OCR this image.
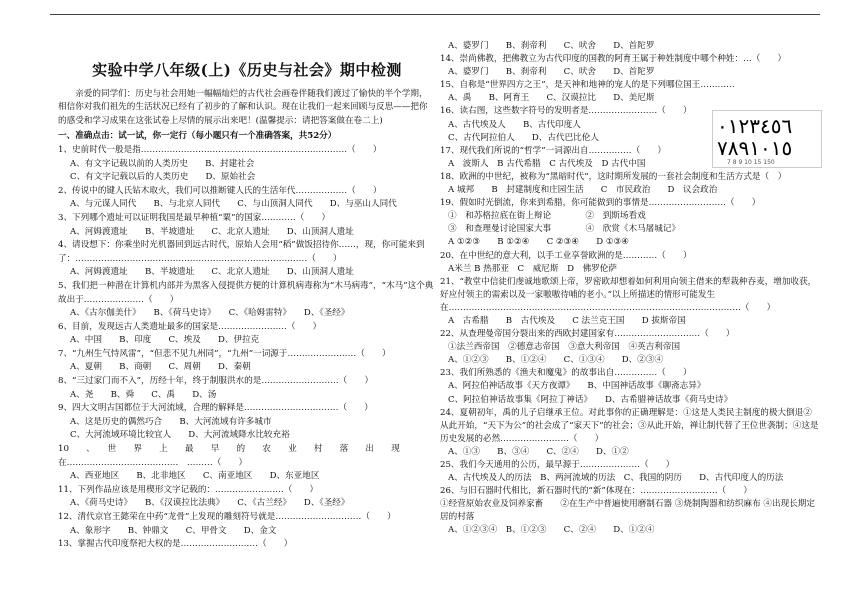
实验中学八年级(上)《历史与社会》期中检测

亲爱的同学们：历史与社会用她一幅幅灿烂的古代社会画卷伴随我们渡过了愉快的半个学期，相信你对我们祖先的生活状况已经有了初步的了解和认识。现在让我们一起来回顾与反思——把你的感受和学习成果在这张试卷上尽情的展示出来吧！(温馨提示：请把答案做在卷二上)

一、准确点击：试一试，你一定行（每小题只有一个准确答案，共52分）

1、史前时代一般是指………………………………………………………………（　　）

A、有文字记载以前的人类历史　　B、封建社会

C、有文字记载以后的人类历史　　D、原始社会

2、传说中的键人氏钻木取火，我们可以推断键人氏的生活年代………………（　　）

A、与元谋人同代　　B、与北京人同代　　C、与山顶洞人同代　　D、与巫山人同代

3、下列哪个遗址可以证明我国是最早种植“粟”的国家…………（　　）

A、河姆渡遗址　　B、半坡遗址　　C、北京人遗址　　D、山顶洞人遗址

4、请设想下：你乘坐时光机器回到远古时代，原始人会用“稻”做饭招待你……，现，你可能来到了：………………………………………………………………………（　　）

A、河姆渡遗址　　B、半坡遗址　　C、北京人遗址　　D、山顶洞人遗址

5、我们把一种潜在计算机内部并为黑客入侵提供方便的计算机病毒称为“木马病毒”，“木马”这个典故出于…………………（　　）

A、《古尔伽美什》　　B、《荷马史诗》　　C、《哈姆雷特》　　D、《圣经》

6、目前，发现远古人类遗址最多的国家是……………………（　　）

A、中国　　B、印度　　C、埃及　　D、伊拉克

7、“九州生气恃风雷”，“但悲不见九州同”，“九州”一词源于……………………（　　）

A、夏朝　　B、商朝　　C、周朝　　D、秦朝

8、“三过家门而不入”，历经十年，终于制服洪水的是………………………（　　）

A、尧　　B、舜　　C、禹　　D、汤

9、四大文明古国都位于大河流域，合理的解释是……………………………（　　）

A、这是历史的偶然巧合　　B、大河流域有许多城市

C、大河流域环境比较宜人　　D、大河流域降水比较充裕

10　　、　　世　　界　　上　　最　　早　　的　　农　　业　　村　　落　　出　　现在…………………………………　………（　　）

A、西亚地区　　B、北非地区　　C、南亚地区　　D、东亚地区

11、下列作品应该是用楔形文字记载的：……………………（　　）

A、《荷马史诗》　　B、《汉谟拉比法典》　　C、《古兰经》　　D、《圣经》

12、清代京官王懿荣在中药“龙骨”上发现的雕刻符号就是…………………………（　　）

A、象形字　　B、钟鼎文　　C、甲骨文　　D、金文

13、掌握古代印度祭祀大权的是………………………（　　）

A、婆罗门　　B、刹帝利　　C、吠舍　　D、首陀罗

14、崇尚佛教，把佛教立为古代印度的国教的阿育王属于种姓制度中哪个种姓：…（　　）

A、婆罗门　　B、刹帝利　　C、吠舍　　D、首陀罗

15、自称是“世界四方之王”，是天神和地神的宠人的是下列哪位国王…………

A、禹　　B、阿育王　　C、汉谟拉比　　D、美尼斯

16、读右图，这些数字符号的发明者是……………………（　　）

A、古代埃及人　　B、古代印度人

C、古代阿拉伯人　　D、古代巴比伦人

17、现代我们所说的“哲学”一词源出自……………（　　）

A　波斯人　B 古代希腊　C 古代埃及　D 古代中国

18、欧洲的中世纪，被称为“黑暗时代”，这时期所发展的一套社会制度和生活方式是（　）

A 城邦　　B　封建制度和庄园生活　　C　市民政治　　D　议会政治

19、假如时光倒流，你来到希腊，你可能做到的事情是………………………（　　）

①　和苏格拉底在街上辩论　　　　②　到斯场看戏

③　和查理曼讨论国家大事　　　　④　欣赏《木马屠城记》

A ①②③　　B ①②④　　C ②③④　　D ①③④

20、在中世纪的意大利，以手工业享誉欧洲的是…………（　　）

A米兰 B 热那亚　C　威尼斯　D　佛罗伦萨

21、“教堂中信徒们虔诚地歌颂上帝，罗密欧却想着如何利用向领主借来的犁栽种吞麦，增加收获，好应付领主的需索以及一家嗷嗷待哺的老小。”以上所描述的情形可能发生在…………………………………………………………………………………………（　　）

A　古希腊　　B　古代埃及　　C 法兰克王国　　D 拔斯帝国

22、从查理曼帝国分裂出来的西欧封建国家有…………………………（　　）

①法兰西帝国　②德意志帝国　③意大利帝国　④英吉利帝国

A、①②③　　B、①②④　　C、①③④　　D、②③④

23、我们所熟悉的《渔夫和魔鬼》的故事出自……………（　　）

A、阿拉伯神话故事《天方夜谭》　　B、中国神话故事《聊斋志异》

C、阿拉伯神话故事集《阿拉丁神话》　　D、古希腊神话故事《荷马史诗》

24、夏朝初年，禹的儿子启继承王位。对此事你的正确理解是：①这是人类民主制度的极大倒退②从此开始，“天下为公”的社会成了“家天下”的社会；③从此开始，禅让制代替了王位世袭制；④这是历史发展的必然……………………（　　）

A、①③　　B、③④　　C、②④　　D、①②

25、我们今天通用的公历，最早源于…………………（　　）

A、古代埃及人的历法　B、两河流域的历法　C、我国的阴历　　D、古代印度人的历法

26、与旧石器时代相比，新石器时代的“新”体现在：………………………（　　）

①经营原始农业及饲养家畜　　②在生产中普遍使用磨制石器 ③烧制陶器和纺织麻布 ④出现长期定居的村落

A、①②③④　B、①②③　　C、②④　　D、①②④

۰١٢٣٤٥٦
٧٨٩١٠١٥
7 8 9 10 15 150
